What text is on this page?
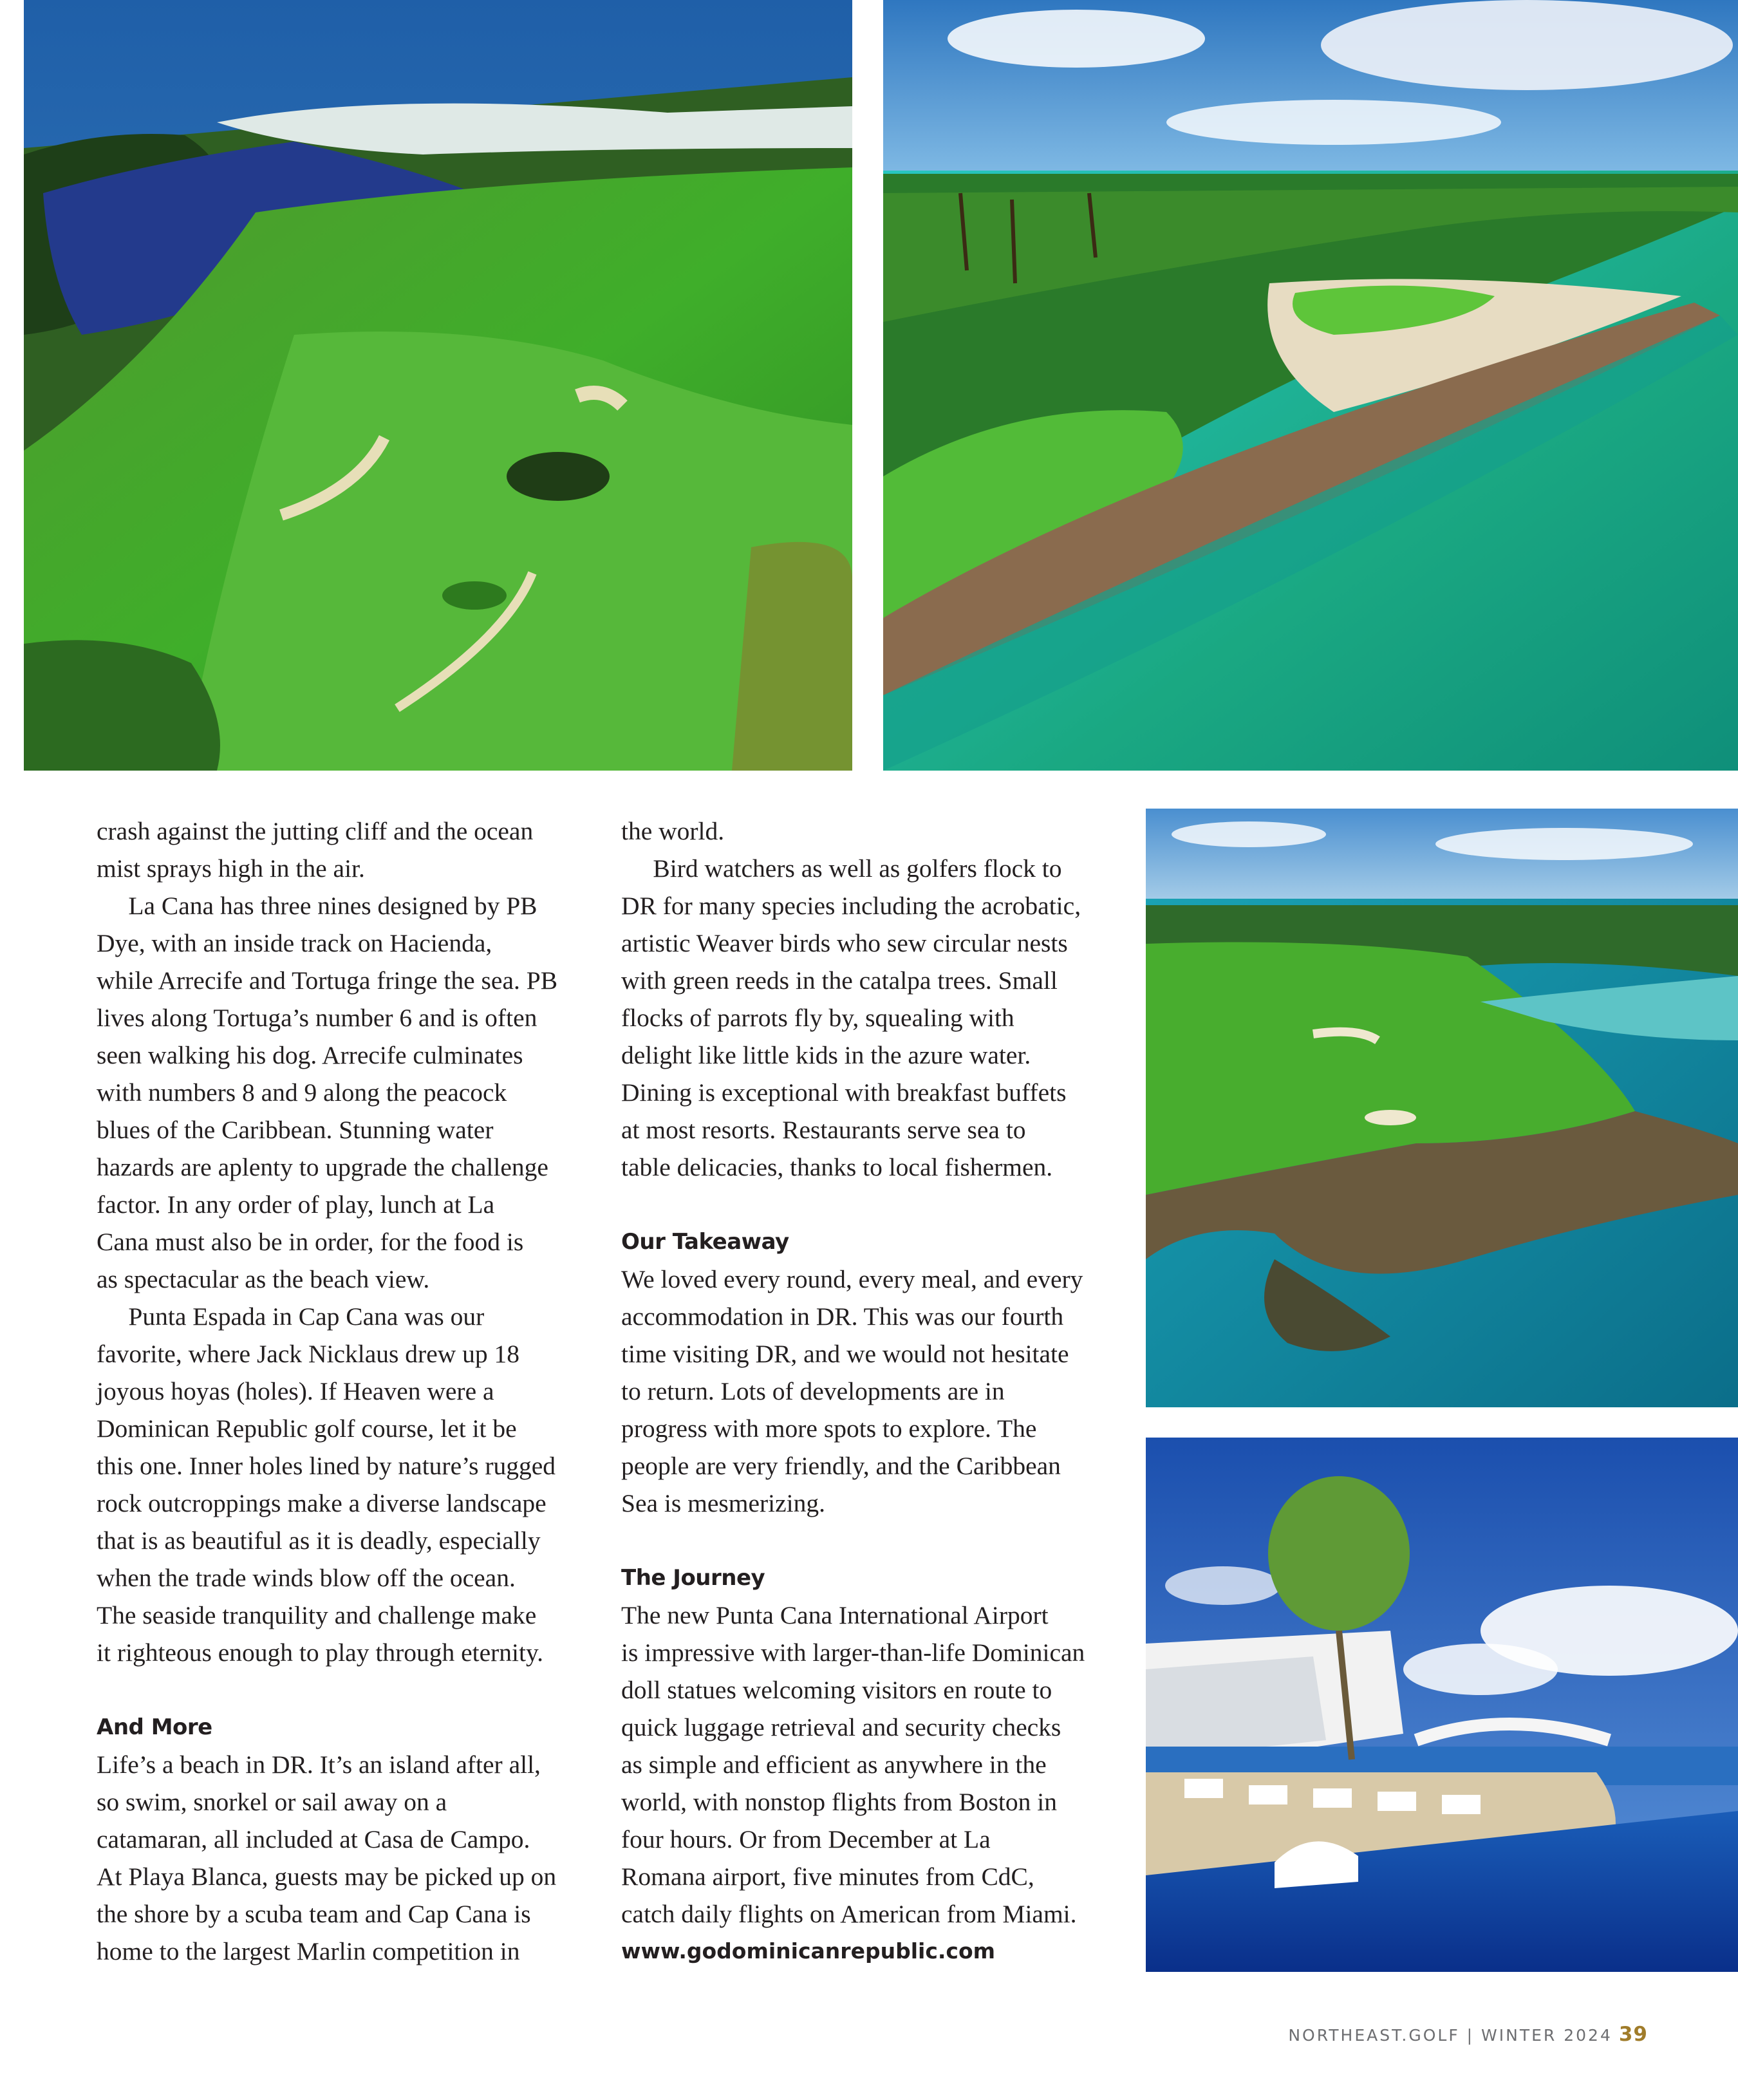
crash against the jutting cliff and the ocean

mist sprays high in the air.

  La Cana has three nines designed by PB

Dye, with an inside track on Hacienda,

while Arrecife and Tortuga fringe the sea. PB

lives along Tortuga’s number 6 and is often

seen walking his dog. Arrecife culminates

with numbers 8 and 9 along the peacock

blues of the Caribbean. Stunning water

hazards are aplenty to upgrade the challenge

factor. In any order of play, lunch at La

Cana must also be in order, for the food is

as spectacular as the beach view.

  Punta Espada in Cap Cana was our

favorite, where Jack Nicklaus drew up 18

joyous hoyas (holes). If Heaven were a

Dominican Republic golf course, let it be

this one. Inner holes lined by nature’s rugged

rock outcroppings make a diverse landscape

that is as beautiful as it is deadly, especially

when the trade winds blow off the ocean.

The seaside tranquility and challenge make

it righteous enough to play through eternity.

And More

Life’s a beach in DR. It’s an island after all,

so swim, snorkel or sail away on a

catamaran, all included at Casa de Campo.

At Playa Blanca, guests may be picked up on

the shore by a scuba team and Cap Cana is

home to the largest Marlin competition in

the world.

  Bird watchers as well as golfers flock to

DR for many species including the acrobatic,

artistic Weaver birds who sew circular nests

with green reeds in the catalpa trees. Small

flocks of parrots fly by, squealing with

delight like little kids in the azure water.

Dining is exceptional with breakfast buffets

at most resorts. Restaurants serve sea to

table delicacies, thanks to local fishermen.

Our Takeaway

We loved every round, every meal, and every

accommodation in DR. This was our fourth

time visiting DR, and we would not hesitate

to return. Lots of developments are in

progress with more spots to explore. The

people are very friendly, and the Caribbean

Sea is mesmerizing.

The Journey

The new Punta Cana International Airport

is impressive with larger-than-life Dominican

doll statues welcoming visitors en route to

quick luggage retrieval and security checks

as simple and efficient as anywhere in the

world, with nonstop flights from Boston in

four hours. Or from December at La

Romana airport, five minutes from CdC,

catch daily flights on American from Miami.

www.godominicanrepublic.com

NORTHEAST.GOLF | WINTER 2024 39
